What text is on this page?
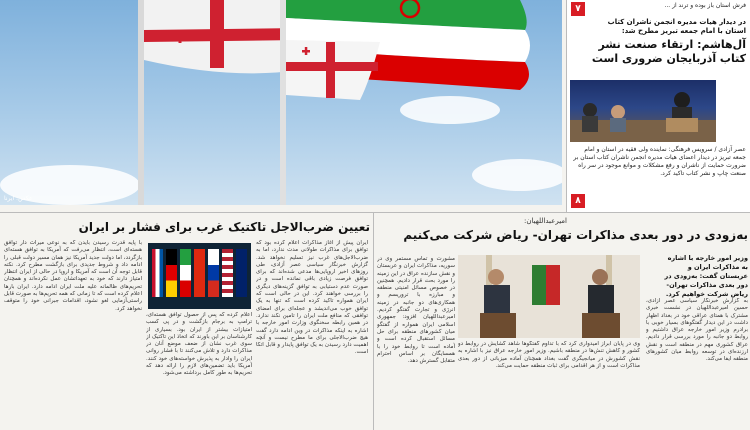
عکس: ایرنا
فرش استان باز بوده و ترند از ...
۷
در دیدار هیات مدیره انجمن ناشران کتاب استان با امام جمعه تبریز مطرح شد:
آل‌هاشم: ارتقاء صنعت نشر کتاب آذربایجان ضروری است
عصر آزادی / سرویس فرهنگی: نماینده ولی فقیه در استان و امام جمعه تبریز در دیدار اعضای هیات مدیره انجمن ناشران کتاب استان بر ضرورت حمایت از ناشران و رفع مشکلات و موانع موجود در سر راه صنعت چاپ و نشر کتاب تاکید کرد.
۸
تعیین ضرب‌الاجل تاکتیک غرب برای فشار بر ایران
ایران پیش از آغاز مذاکرات اعلام کرده بود که توافق برای مذاکرات طولانی مدت ندارد، اما به ضرب‌الاجل‌های غرب‌ نیز تسلیم نخواهد شد. گزارش خبرنگار سیاسی عصر آزادی، طی روزهای اخیر اروپایی‌ها مدعی شده‌اند که برای توافق فرصت زیادی باقی نمانده است و در صورت عدم دستیابی به توافق گزینه‌های دیگری را بررسی خواهند کرد. این در حالی است که ایران همواره تاکید کرده است که تنها به یک توافق خوب می‌اندیشد و عجله‌ای برای امضای توافقی که منافع ملت ایران را تامین نکند ندارد. در همین رابطه سخنگوی وزارت امور خارجه با اشاره به اینکه مذاکرات در وین ادامه دارد گفت هیچ ضرب‌الاجلی برای ما مطرح نیست و آنچه اهمیت دارد رسیدن به یک توافق پایدار و قابل اتکا است.
اعلام کرده که پس از حصول توافق هسته‌ای، ترامپ به برجام بازگشت و در پی کسب امتیازات بیشتر از ایران بود. بسیاری از کارشناسان بر این باورند که اتخاذ این تاکتیک از سوی غرب نشان از ضعف موضع آنان در مذاکرات دارد و تلاش می‌کنند تا با فشار روانی ایران را وادار به پذیرش خواسته‌های خود کنند. آمریکا باید تضمین‌های لازم را ارائه دهد که تحریم‌ها به طور کامل برداشته می‌شود.
با پایه قدرت رسیدن بایدن که به نوعی میراث دار توافق هسته‌ای است، انتظار می‌رفت که آمریکا به توافق هسته‌ای بازگردد، اما دولت جدید آمریکا نیز همان مسیر دولت قبلی را ادامه داد و شروط جدیدی برای بازگشت مطرح کرد. نکته قابل توجه آن است که آمریکا و اروپا در حالی از ایران انتظار امتیاز دارند که خود به تعهداتشان عمل نکرده‌اند و همچنان تحریم‌های ظالمانه علیه ملت ایران ادامه دارد. ایران بارها اعلام کرده است که تا زمانی که همه تحریم‌ها به صورت قابل راستی‌آزمایی لغو نشود، اقدامات جبرانی خود را متوقف نخواهد کرد.
امیرعبداللهیان:
به‌زودی در دور بعدی مذاکرات تهران- ریاض شرکت می‌کنیم
وزیر امور خارجه با اشاره به مذاکرات ایران و عربستان گفت: به‌زودی در دور بعدی مذاکرات تهران- ریاض شرکت خواهیم کرد.
مشورت و تماس مستمر وی در سوریه، مذاکرات ایران و عربستان و نقش سازنده عراق در این زمینه را مورد بحث قرار دادیم. همچنین در خصوص مسائل امنیتی منطقه و مبارزه با تروریسم و همکاری‌های دو جانبه در زمینه انرژی و تجارت گفتگو کردیم. امیرعبداللهیان افزود: جمهوری اسلامی ایران همواره از گفتگو میان کشورهای منطقه برای حل مسائل استقبال کرده است و آماده است تا روابط خود را با همسایگان بر اساس احترام متقابل گسترش دهد.
وی در پایان ابراز امیدواری کرد که با تداوم گفتگوها شاهد گشایش در روابط دو کشور و کاهش تنش‌ها در منطقه باشیم. وزیر امور خارجه عراق نیز با اشاره به نقش کشورش در میانجیگری گفت بغداد همچنان آماده میزبانی از دور بعدی مذاکرات است و از هر اقدامی برای ثبات منطقه حمایت می‌کند.
به گزارش خبرنگار سیاسی عصر آزادی، حسین امیرعبداللهیان در نشست خبری مشترک با همتای عراقی خود در بغداد اظهار داشت در این دیدار گفتگوهای بسیار خوبی با برادرم وزیر امور خارجه عراق داشتیم و روابط دو جانبه را مورد بررسی قرار دادیم. عراق کشوری مهم در منطقه است و نقش ارزنده‌ای در توسعه روابط میان کشورهای منطقه ایفا می‌کند.
